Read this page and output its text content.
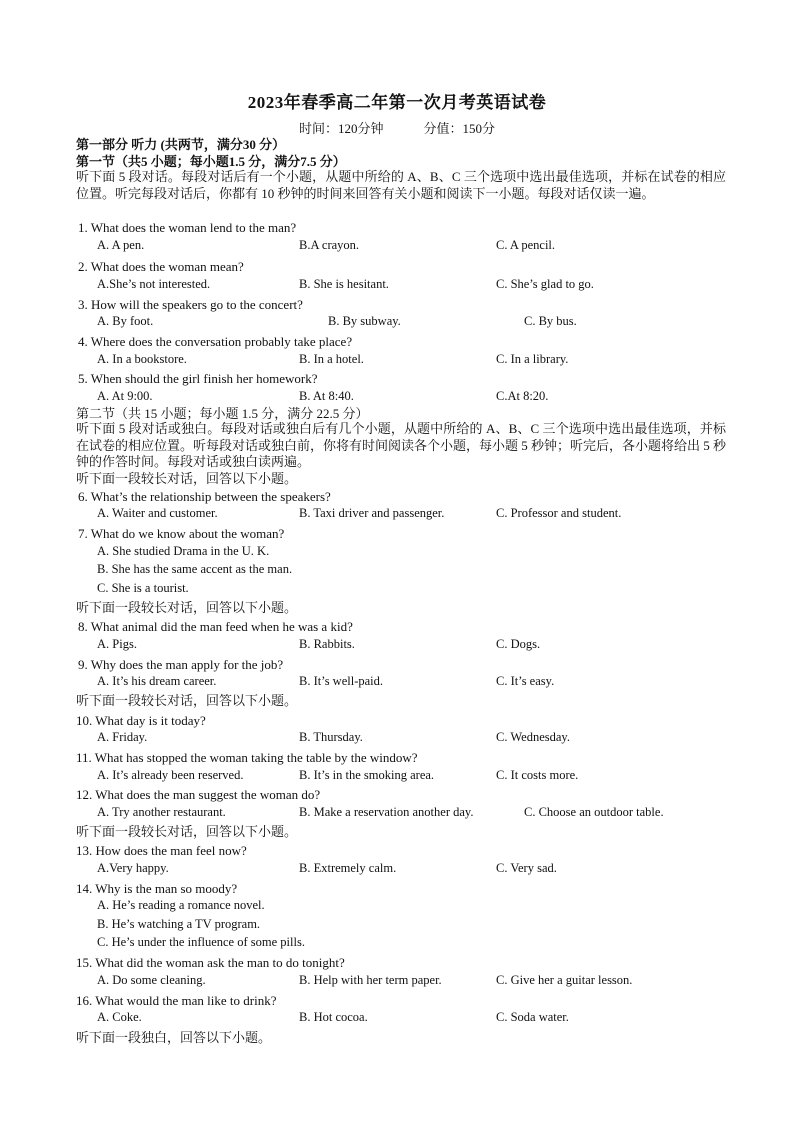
2023年春季高二年第一次月考英语试卷
时间：120分钟	分值：150分
第一部分 听力 (共两节，满分30 分）
第一节（共5 小题；每小题1.5 分，满分7.5 分）
听下面 5 段对话。每段对话后有一个小题，从题中所给的 A、B、C 三个选项中选出最佳选项，并标在试卷的相应位置。听完每段对话后，你都有 10 秒钟的时间来回答有关小题和阅读下一小题。每段对话仅读一遍。
1. What does the woman lend to the man?
A. A pen.	B.A crayon.	C. A pencil.
2. What does the woman mean?
A.She’s not interested.	B. She is hesitant.	C. She’s glad to go.
3. How will the speakers go to the concert?
A. By foot.	B. By subway.	C. By bus.
4. Where does the conversation probably take place?
A. In a bookstore.	B. In a hotel.	C. In a library.
5. When should the girl finish her homework?
A. At 9:00.	B. At 8:40.	C.At 8:20.
第二节（共 15 小题；每小题 1.5 分，满分 22.5 分）
听下面 5 段对话或独白。每段对话或独白后有几个小题，从题中所给的 A、B、C 三个选项中选出最佳选项，并标在试卷的相应位置。听每段对话或独白前，你将有时间阅读各个小题，每小题 5 秒钟；听完后，各小题将给出 5 秒钟的作答时间。每段对话或独白读两遍。
听下面一段较长对话，回答以下小题。
6. What’s the relationship between the speakers?
A. Waiter and customer.	B. Taxi driver and passenger.	C. Professor and student.
7. What do we know about the woman?
A. She studied Drama in the U. K.
B. She has the same accent as the man.
C. She is a tourist.
听下面一段较长对话，回答以下小题。
8. What animal did the man feed when he was a kid?
A. Pigs.	B. Rabbits.	C. Dogs.
9. Why does the man apply for the job?
A. It’s his dream career.	B. It’s well-paid.	C. It’s easy.
听下面一段较长对话，回答以下小题。
10. What day is it today?
A. Friday.	B. Thursday.	C. Wednesday.
11. What has stopped the woman taking the table by the window?
A. It’s already been reserved.	B. It’s in the smoking area.	C. It costs more.
12. What does the man suggest the woman do?
A. Try another restaurant.	B. Make a reservation another day.	C. Choose an outdoor table.
听下面一段较长对话，回答以下小题。
13. How does the man feel now?
A.Very happy.	B. Extremely calm.	C. Very sad.
14. Why is the man so moody?
A. He’s reading a romance novel.
B. He’s watching a TV program.
C. He’s under the influence of some pills.
15. What did the woman ask the man to do tonight?
A. Do some cleaning.	B. Help with her term paper.	C. Give her a guitar lesson.
16. What would the man like to drink?
A. Coke.	B. Hot cocoa.	C. Soda water.
听下面一段独白，回答以下小题。
